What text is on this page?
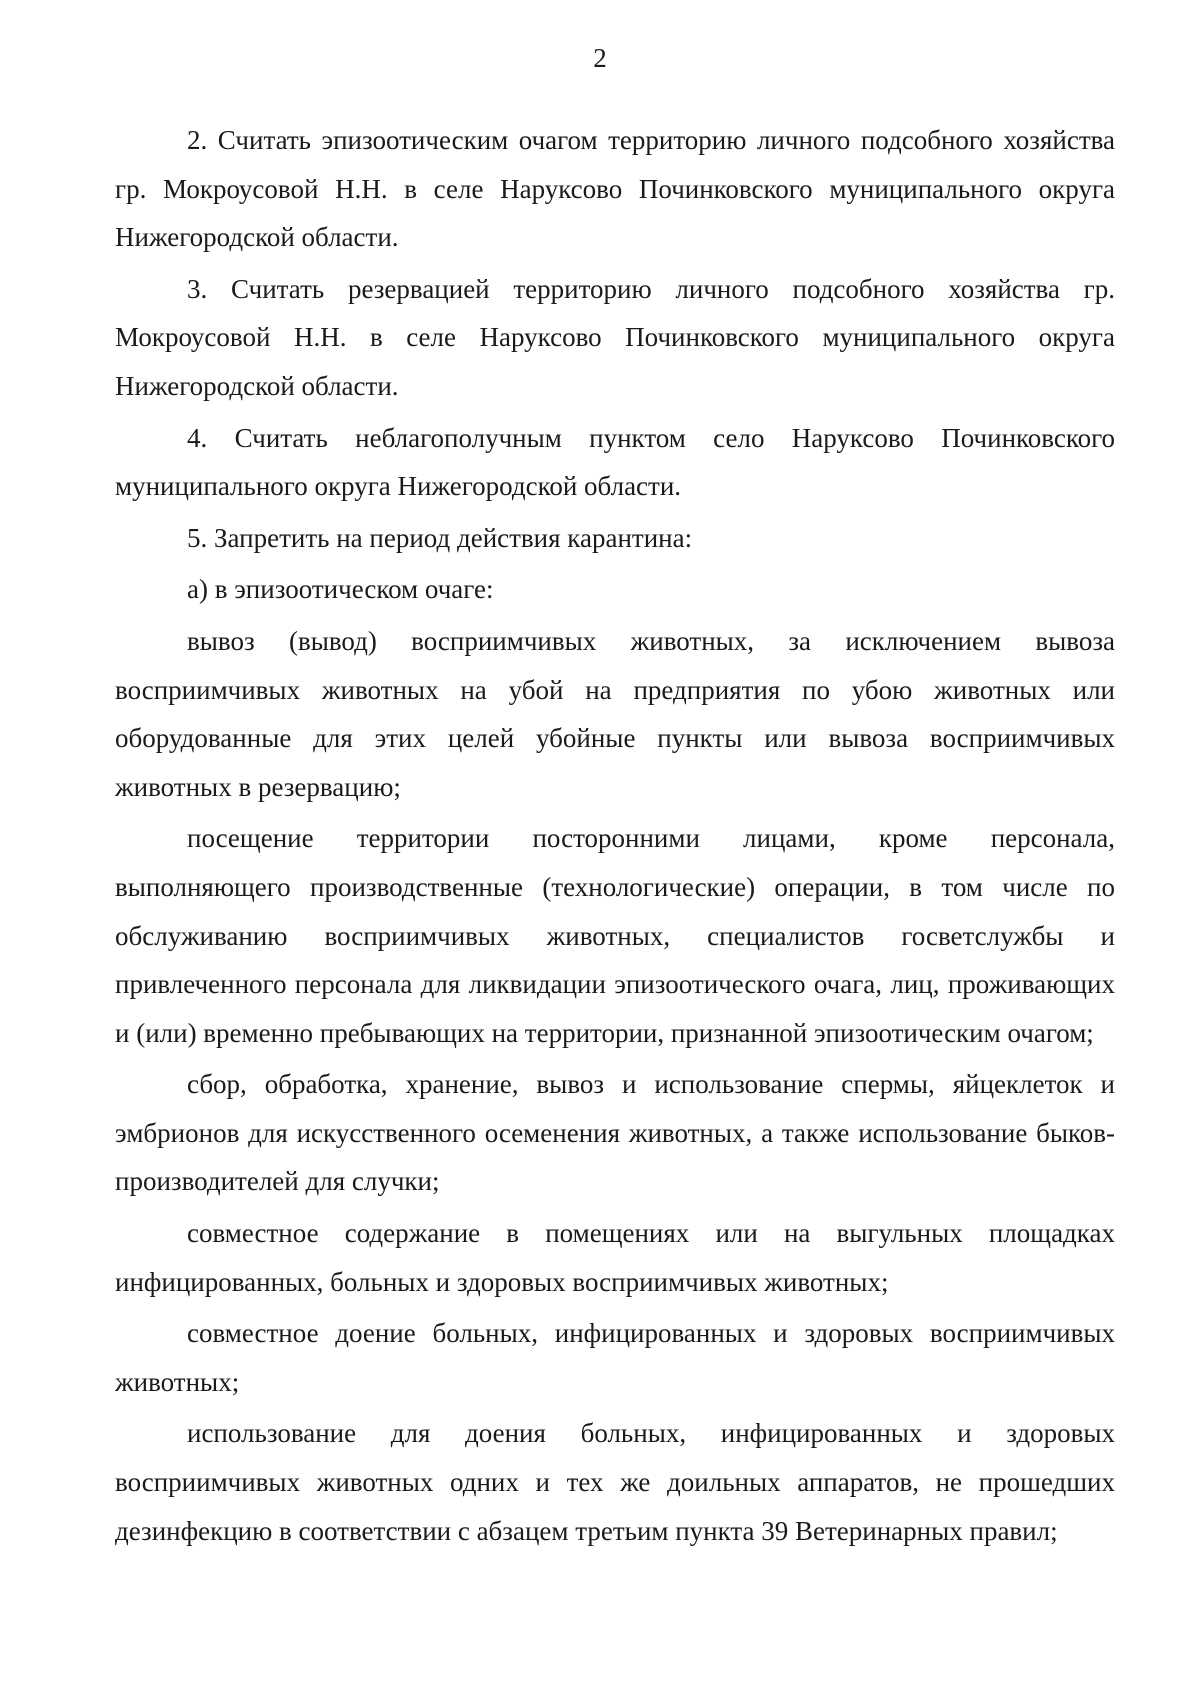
2

2. Считать эпизоотическим очагом территорию личного подсобного хозяйства гр. Мокроусовой Н.Н. в селе Наруксово Починковского муниципального округа Нижегородской области.

3. Считать резервацией территорию личного подсобного хозяйства гр. Мокроусовой Н.Н. в селе Наруксово Починковского муниципального округа Нижегородской области.

4. Считать неблагополучным пунктом село Наруксово Починковского муниципального округа Нижегородской области.

5. Запретить на период действия карантина:

а) в эпизоотическом очаге:

вывоз (вывод) восприимчивых животных, за исключением вывоза восприимчивых животных на убой на предприятия по убою животных или оборудованные для этих целей убойные пункты или вывоза восприимчивых животных в резервацию;

посещение территории посторонними лицами, кроме персонала, выполняющего производственные (технологические) операции, в том числе по обслуживанию восприимчивых животных, специалистов госветслужбы и привлеченного персонала для ликвидации эпизоотического очага, лиц, проживающих и (или) временно пребывающих на территории, признанной эпизоотическим очагом;

сбор, обработка, хранение, вывоз и использование спермы, яйцеклеток и эмбрионов для искусственного осеменения животных, а также использование быков-производителей для случки;

совместное содержание в помещениях или на выгульных площадках инфицированных, больных и здоровых восприимчивых животных;

совместное доение больных, инфицированных и здоровых восприимчивых животных;

использование для доения больных, инфицированных и здоровых восприимчивых животных одних и тех же доильных аппаратов, не прошедших дезинфекцию в соответствии с абзацем третьим пункта 39 Ветеринарных правил;
